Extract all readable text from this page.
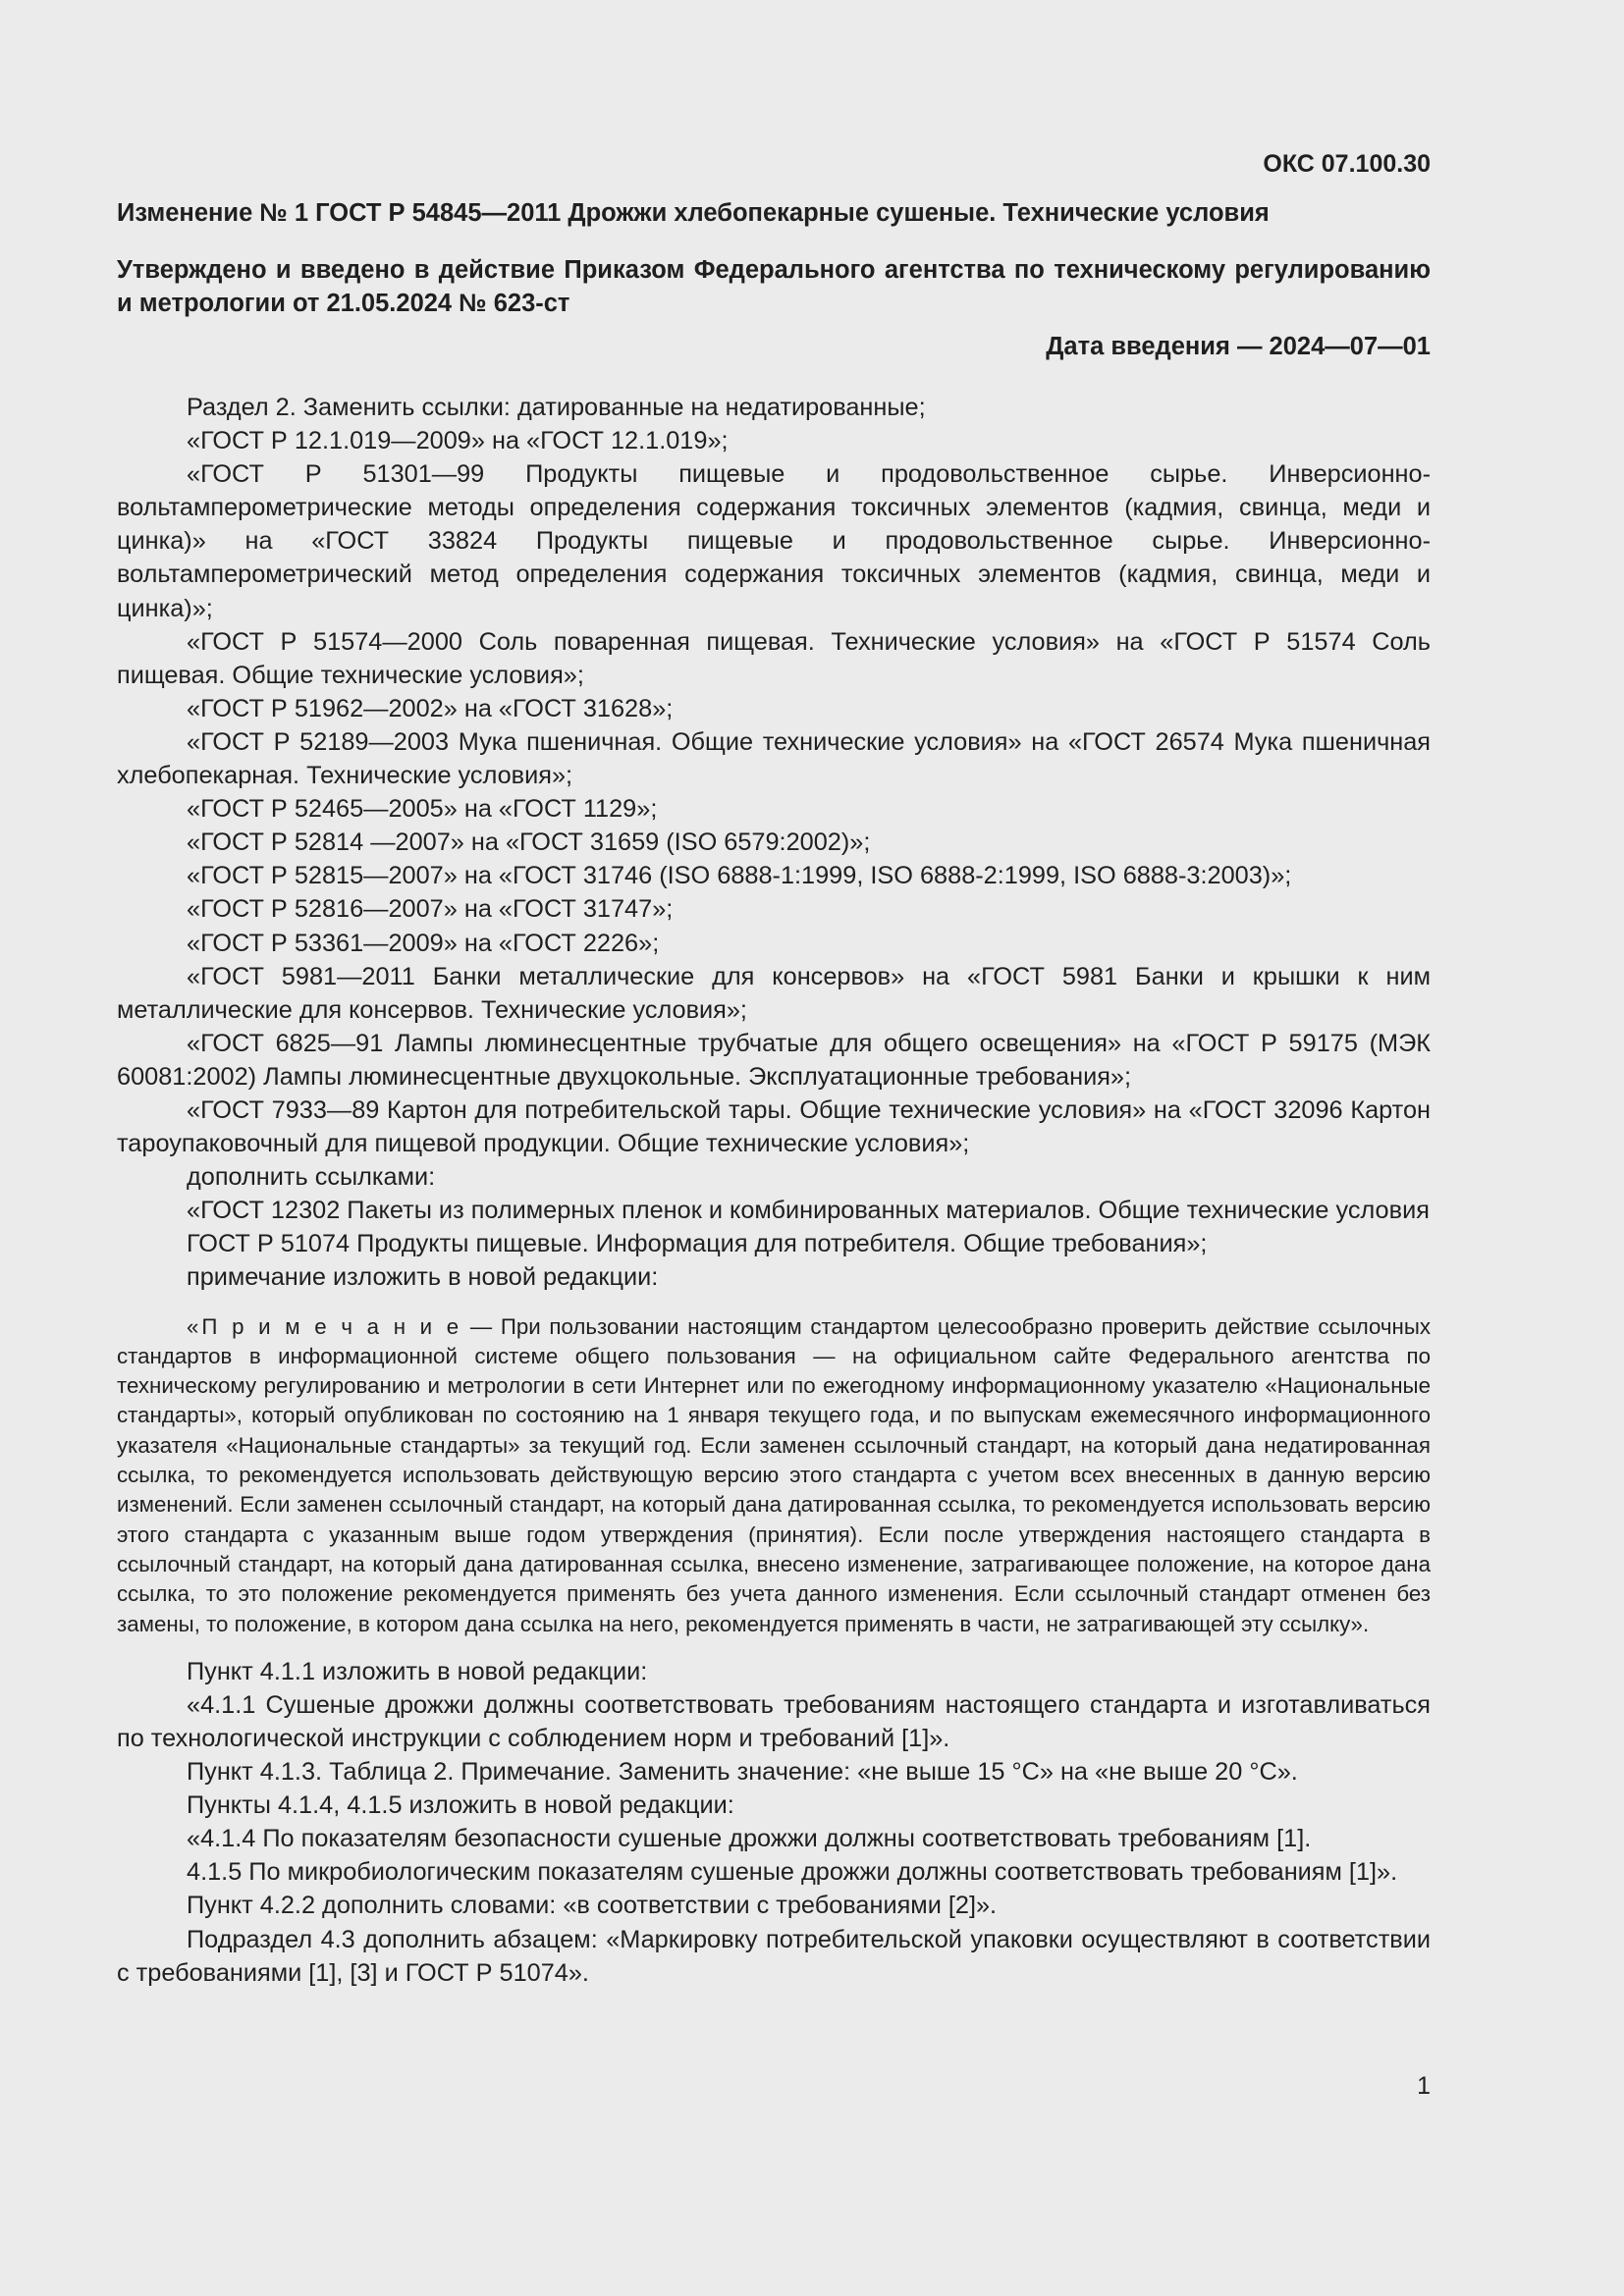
ОКС 07.100.30
Изменение № 1 ГОСТ Р 54845—2011 Дрожжи хлебопекарные сушеные. Технические условия
Утверждено и введено в действие Приказом Федерального агентства по техническому регулированию и метрологии от 21.05.2024 № 623-ст
Дата введения — 2024—07—01

Раздел 2. Заменить ссылки: датированные на недатированные;

«ГОСТ Р 12.1.019—2009» на «ГОСТ 12.1.019»;

«ГОСТ Р 51301—99 Продукты пищевые и продовольственное сырье. Инверсионно-вольтамперометрические методы определения содержания токсичных элементов (кадмия, свинца, меди и цинка)» на «ГОСТ 33824 Продукты пищевые и продовольственное сырье. Инверсионно-вольтамперометрический метод определения содержания токсичных элементов (кадмия, свинца, меди и цинка)»;

«ГОСТ Р 51574—2000 Соль поваренная пищевая. Технические условия» на «ГОСТ Р 51574 Соль пищевая. Общие технические условия»;

«ГОСТ Р 51962—2002» на «ГОСТ 31628»;

«ГОСТ Р 52189—2003 Мука пшеничная. Общие технические условия» на «ГОСТ 26574 Мука пшеничная хлебопекарная. Технические условия»;

«ГОСТ Р 52465—2005» на «ГОСТ 1129»;

«ГОСТ Р 52814 —2007» на «ГОСТ 31659 (ISO 6579:2002)»;

«ГОСТ Р 52815—2007» на «ГОСТ 31746 (ISO 6888-1:1999, ISO 6888-2:1999, ISO 6888-3:2003)»;

«ГОСТ Р 52816—2007» на «ГОСТ 31747»;

«ГОСТ Р 53361—2009» на «ГОСТ 2226»;

«ГОСТ 5981—2011 Банки металлические для консервов» на «ГОСТ 5981 Банки и крышки к ним металлические для консервов. Технические условия»;

«ГОСТ 6825—91 Лампы люминесцентные трубчатые для общего освещения» на «ГОСТ Р 59175 (МЭК 60081:2002) Лампы люминесцентные двухцокольные. Эксплуатационные требования»;

«ГОСТ 7933—89 Картон для потребительской тары. Общие технические условия» на «ГОСТ 32096 Картон тароупаковочный для пищевой продукции. Общие технические условия»;

дополнить ссылками:

«ГОСТ 12302 Пакеты из полимерных пленок и комбинированных материалов. Общие технические условия

ГОСТ Р 51074 Продукты пищевые. Информация для потребителя. Общие требования»;

примечание изложить в новой редакции:

«П р и м е ч а н и е — При пользовании настоящим стандартом целесообразно проверить действие ссылочных стандартов в информационной системе общего пользования — на официальном сайте Федерального агентства по техническому регулированию и метрологии в сети Интернет или по ежегодному информационному указателю «Национальные стандарты», который опубликован по состоянию на 1 января текущего года, и по выпускам ежемесячного информационного указателя «Национальные стандарты» за текущий год. Если заменен ссылочный стандарт, на который дана недатированная ссылка, то рекомендуется использовать действующую версию этого стандарта с учетом всех внесенных в данную версию изменений. Если заменен ссылочный стандарт, на который дана датированная ссылка, то рекомендуется использовать версию этого стандарта с указанным выше годом утверждения (принятия). Если после утверждения настоящего стандарта в ссылочный стандарт, на который дана датированная ссылка, внесено изменение, затрагивающее положение, на которое дана ссылка, то это положение рекомендуется применять без учета данного изменения. Если ссылочный стандарт отменен без замены, то положение, в котором дана ссылка на него, рекомендуется применять в части, не затрагивающей эту ссылку».

Пункт 4.1.1 изложить в новой редакции:

«4.1.1 Сушеные дрожжи должны соответствовать требованиям настоящего стандарта и изготавливаться по технологической инструкции с соблюдением норм и требований [1]».

Пункт 4.1.3. Таблица 2. Примечание. Заменить значение: «не выше 15 °С» на «не выше 20 °С».

Пункты 4.1.4, 4.1.5 изложить в новой редакции:

«4.1.4 По показателям безопасности сушеные дрожжи должны соответствовать требованиям [1].

4.1.5 По микробиологическим показателям сушеные дрожжи должны соответствовать требованиям [1]».

Пункт 4.2.2 дополнить словами: «в соответствии с требованиями [2]».

Подраздел 4.3 дополнить абзацем: «Маркировку потребительской упаковки осуществляют в соответствии с требованиями [1], [3] и ГОСТ Р 51074».

1
